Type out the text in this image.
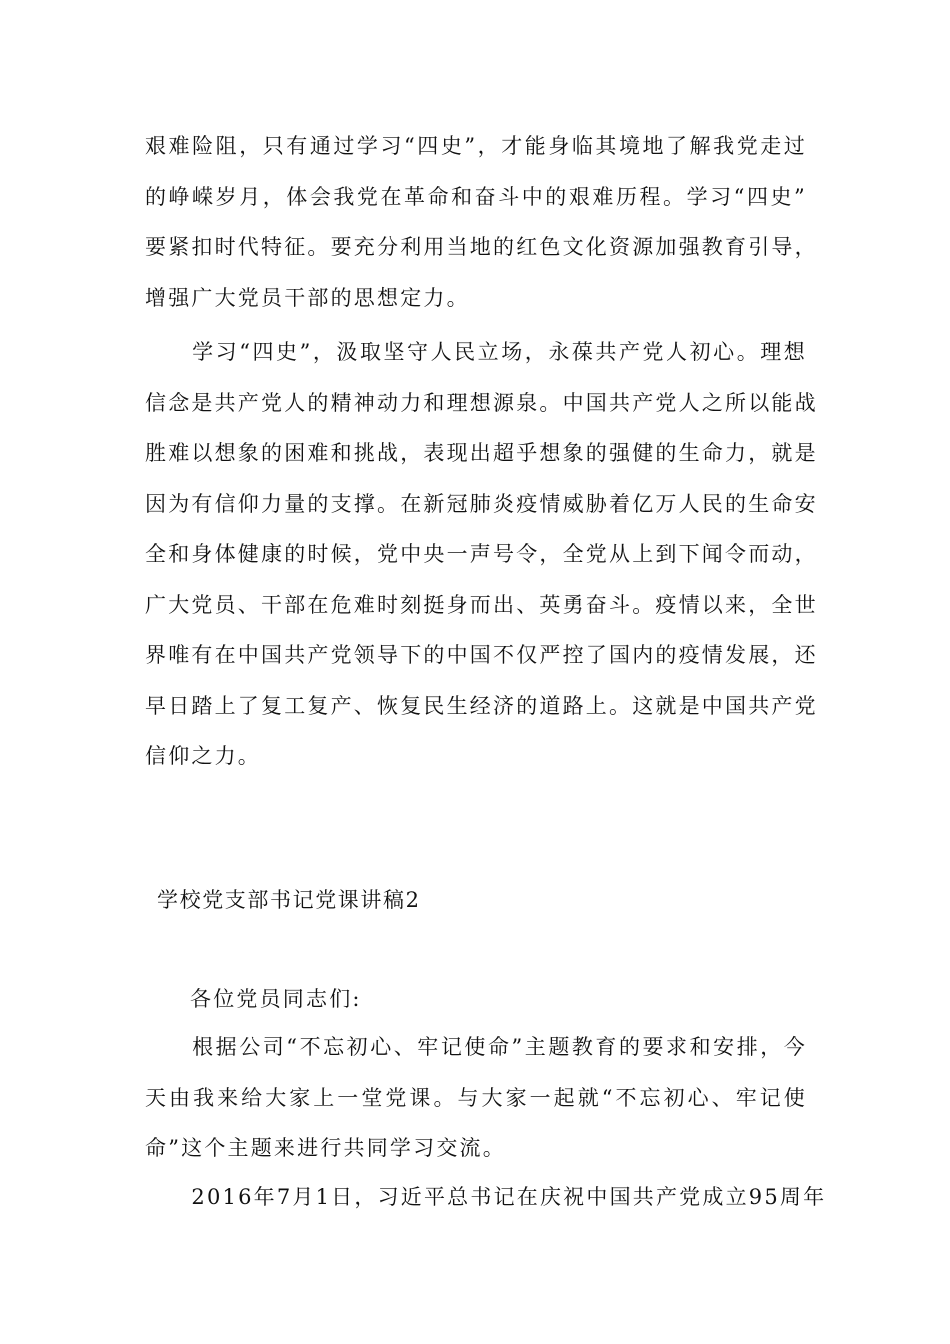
艰难险阻，只有通过学习“四史”，才能身临其境地了解我党走过
的峥嵘岁月，体会我党在革命和奋斗中的艰难历程。学习“四史”
要紧扣时代特征。要充分利用当地的红色文化资源加强教育引导，
增强广大党员干部的思想定力。
　　学习“四史”，汲取坚守人民立场，永葆共产党人初心。理想
信念是共产党人的精神动力和理想源泉。中国共产党人之所以能战
胜难以想象的困难和挑战，表现出超乎想象的强健的生命力，就是
因为有信仰力量的支撑。在新冠肺炎疫情威胁着亿万人民的生命安
全和身体健康的时候，党中央一声号令，全党从上到下闻令而动，
广大党员、干部在危难时刻挺身而出、英勇奋斗。疫情以来，全世
界唯有在中国共产党领导下的中国不仅严控了国内的疫情发展，还
早日踏上了复工复产、恢复民生经济的道路上。这就是中国共产党
信仰之力。
学校党支部书记党课讲稿2
各位党员同志们:
　　根据公司“不忘初心、牢记使命”主题教育的要求和安排，今
天由我来给大家上一堂党课。与大家一起就“不忘初心、牢记使
命”这个主题来进行共同学习交流。
　　2016年7月1日，习近平总书记在庆祝中国共产党成立95周年
